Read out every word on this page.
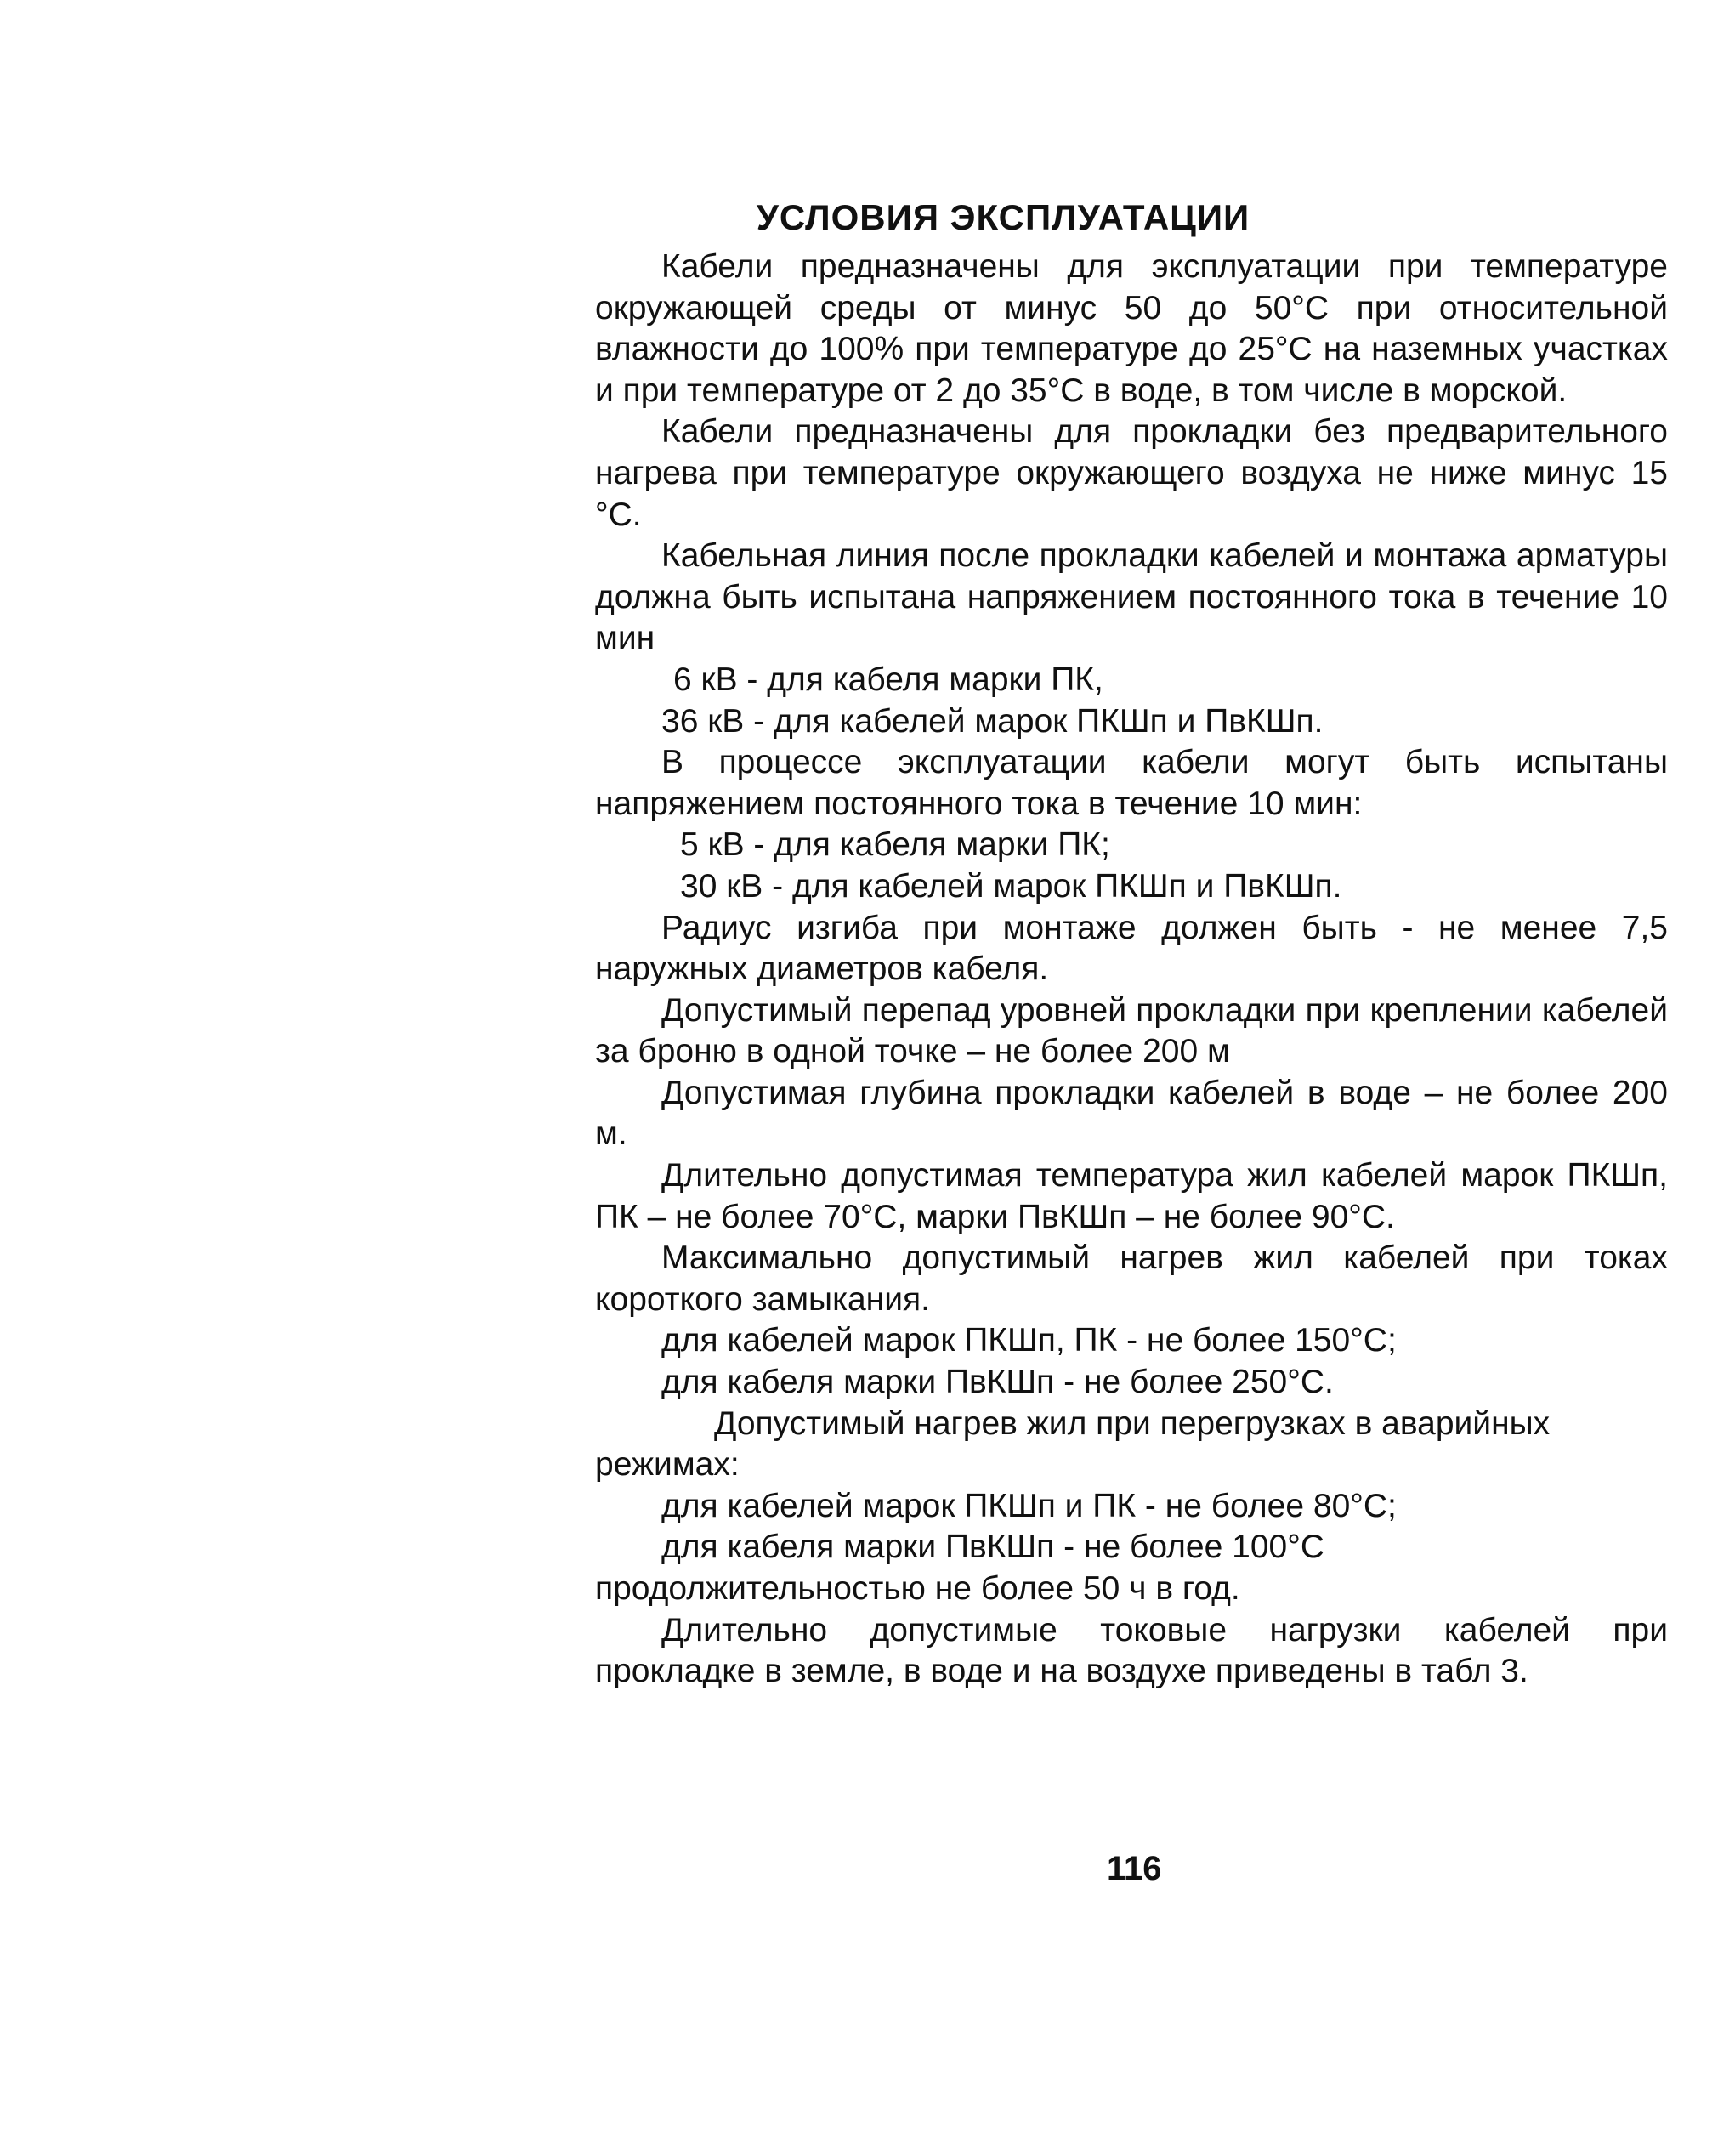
УСЛОВИЯ ЭКСПЛУАТАЦИИ
Кабели предназначены для эксплуатации при температуре окружающей среды от минус 50 до 50°С при относительной влажности до 100% при температуре до 25°С на наземных участках и при температуре от 2 до 35°С в воде, в том числе в морской.
Кабели предназначены для прокладки без предварительного нагрева при температуре окружающего воздуха не ниже минус 15 °С.
Кабельная линия после прокладки кабелей и монтажа арматуры должна быть испытана напряжением постоянного тока в течение 10 мин
6 кВ - для кабеля марки ПК,
36 кВ - для кабелей марок ПКШп и ПвКШп.
В процессе эксплуатации кабели могут быть испытаны напряжением постоянного тока в течение 10 мин:
5 кВ - для кабеля марки ПК;
30 кВ - для кабелей марок ПКШп и ПвКШп.
Радиус изгиба при монтаже должен быть - не менее 7,5 наружных диаметров кабеля.
Допустимый перепад уровней прокладки при креплении кабелей за броню в одной точке – не более 200 м
Допустимая глубина прокладки кабелей в воде – не более 200 м.
Длительно допустимая температура жил кабелей марок ПКШп, ПК – не более 70°С, марки ПвКШп – не более 90°С.
Максимально допустимый нагрев жил кабелей при токах короткого замыкания.
для кабелей марок ПКШп, ПК - не более 150°С;
для кабеля марки ПвКШп - не более 250°С.
Допустимый нагрев жил при перегрузках в аварийных режимах:
для кабелей марок ПКШп и ПК - не более 80°С;
для кабеля марки ПвКШп - не более 100°С
продолжительностью не более 50 ч в год.
Длительно допустимые токовые нагрузки кабелей при прокладке в земле, в воде и на воздухе приведены в табл 3.
116
